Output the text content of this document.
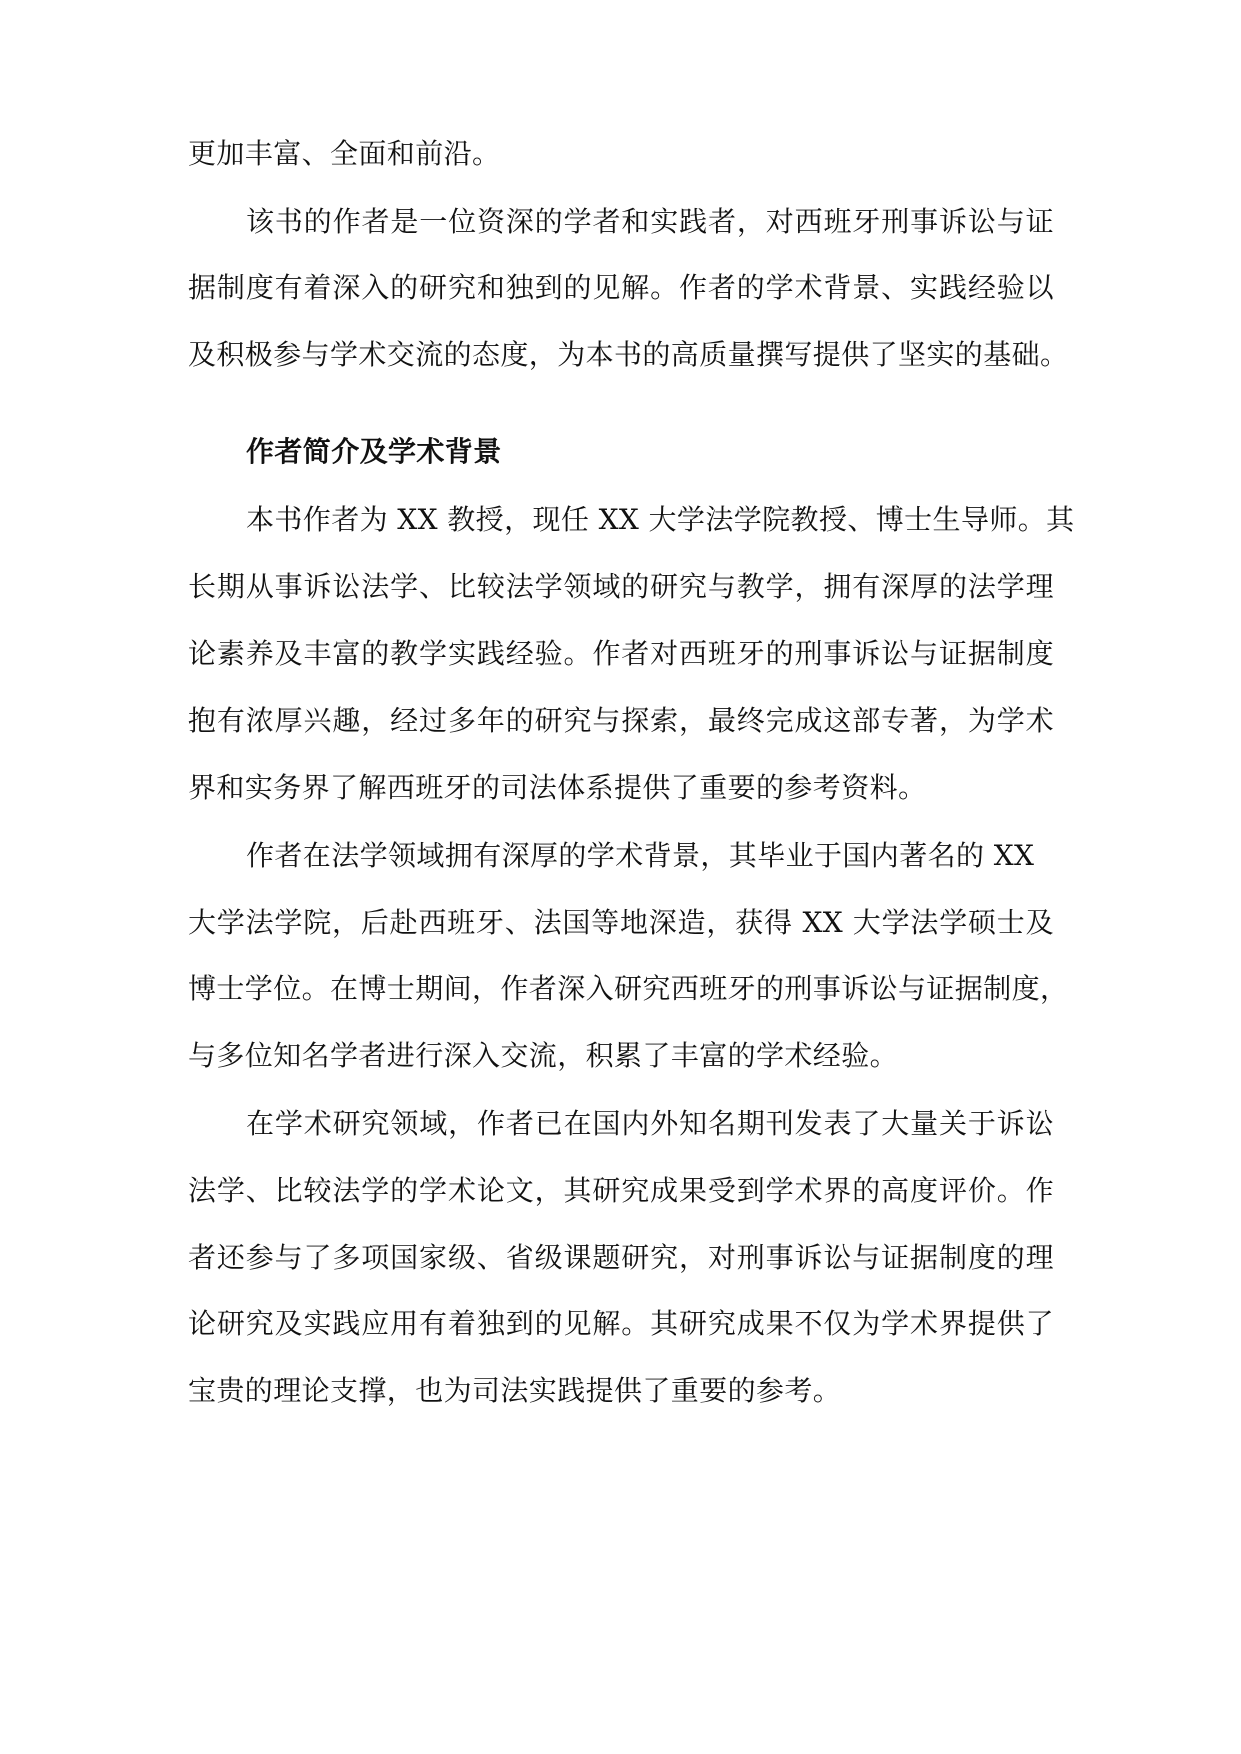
更加丰富、全面和前沿。

该书的作者是一位资深的学者和实践者，对西班牙刑事诉讼与证

据制度有着深入的研究和独到的见解。作者的学术背景、实践经验以

及积极参与学术交流的态度，为本书的高质量撰写提供了坚实的基础。

作者简介及学术背景

本书作者为 XX 教授，现任 XX 大学法学院教授、博士生导师。其

长期从事诉讼法学、比较法学领域的研究与教学，拥有深厚的法学理

论素养及丰富的教学实践经验。作者对西班牙的刑事诉讼与证据制度

抱有浓厚兴趣，经过多年的研究与探索，最终完成这部专著，为学术

界和实务界了解西班牙的司法体系提供了重要的参考资料。

作者在法学领域拥有深厚的学术背景，其毕业于国内著名的 XX

大学法学院，后赴西班牙、法国等地深造，获得 XX 大学法学硕士及

博士学位。在博士期间，作者深入研究西班牙的刑事诉讼与证据制度，

与多位知名学者进行深入交流，积累了丰富的学术经验。

在学术研究领域，作者已在国内外知名期刊发表了大量关于诉讼

法学、比较法学的学术论文，其研究成果受到学术界的高度评价。作

者还参与了多项国家级、省级课题研究，对刑事诉讼与证据制度的理

论研究及实践应用有着独到的见解。其研究成果不仅为学术界提供了

宝贵的理论支撑，也为司法实践提供了重要的参考。
